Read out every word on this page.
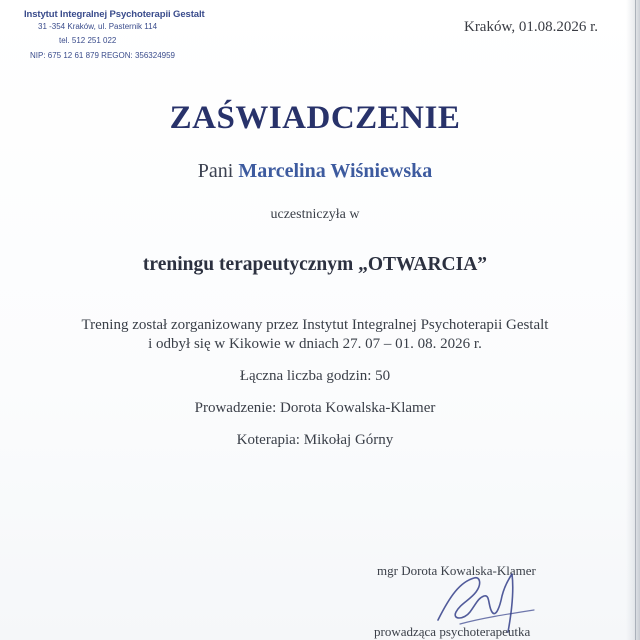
Instytut Integralnej Psychoterapii Gestalt
31 -354 Kraków, ul. Pasternik 114
tel. 512 251 022
NIP: 675 12 61 879 REGON: 356324959
Kraków, 01.08.2026 r.
ZAŚWIADCZENIE
Pani Marcelina Wiśniewska
uczestniczyła w
treningu terapeutycznym „OTWARCIA”
Trening został zorganizowany przez Instytut Integralnej Psychoterapii Gestalt
i odbył się w Kikowie w dniach 27. 07 – 01. 08. 2026 r.
Łączna liczba godzin: 50
Prowadzenie: Dorota Kowalska-Klamer
Koterapia: Mikołaj Górny
mgr Dorota Kowalska-Klamer
prowadząca psychoterapeutka
